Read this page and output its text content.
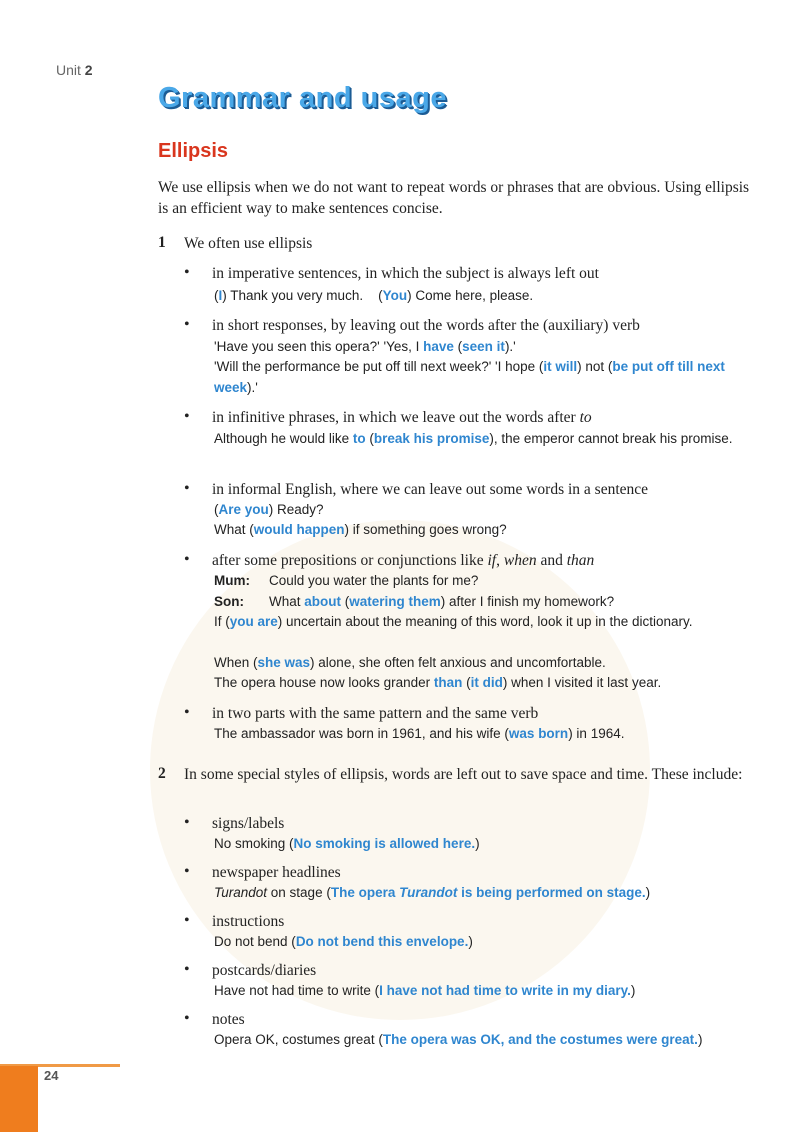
Unit 2
Grammar and usage
Ellipsis
We use ellipsis when we do not want to repeat words or phrases that are obvious. Using ellipsis is an efficient way to make sentences concise.
1 We often use ellipsis
• in imperative sentences, in which the subject is always left out
(I) Thank you very much.    (You) Come here, please.
• in short responses, by leaving out the words after the (auxiliary) verb
'Have you seen this opera?' 'Yes, I have (seen it).'
'Will the performance be put off till next week?' 'I hope (it will) not (be put off till next week).'
• in infinitive phrases, in which we leave out the words after to
Although he would like to (break his promise), the emperor cannot break his promise.
• in informal English, where we can leave out some words in a sentence
(Are you) Ready?
What (would happen) if something goes wrong?
• after some prepositions or conjunctions like if, when and than
Mum: Could you water the plants for me?
Son: What about (watering them) after I finish my homework?
If (you are) uncertain about the meaning of this word, look it up in the dictionary.
When (she was) alone, she often felt anxious and uncomfortable.
The opera house now looks grander than (it did) when I visited it last year.
• in two parts with the same pattern and the same verb
The ambassador was born in 1961, and his wife (was born) in 1964.
2 In some special styles of ellipsis, words are left out to save space and time. These include:
• signs/labels
No smoking (No smoking is allowed here.)
• newspaper headlines
Turandot on stage (The opera Turandot is being performed on stage.)
• instructions
Do not bend (Do not bend this envelope.)
• postcards/diaries
Have not had time to write (I have not had time to write in my diary.)
• notes
Opera OK, costumes great (The opera was OK, and the costumes were great.)
24
